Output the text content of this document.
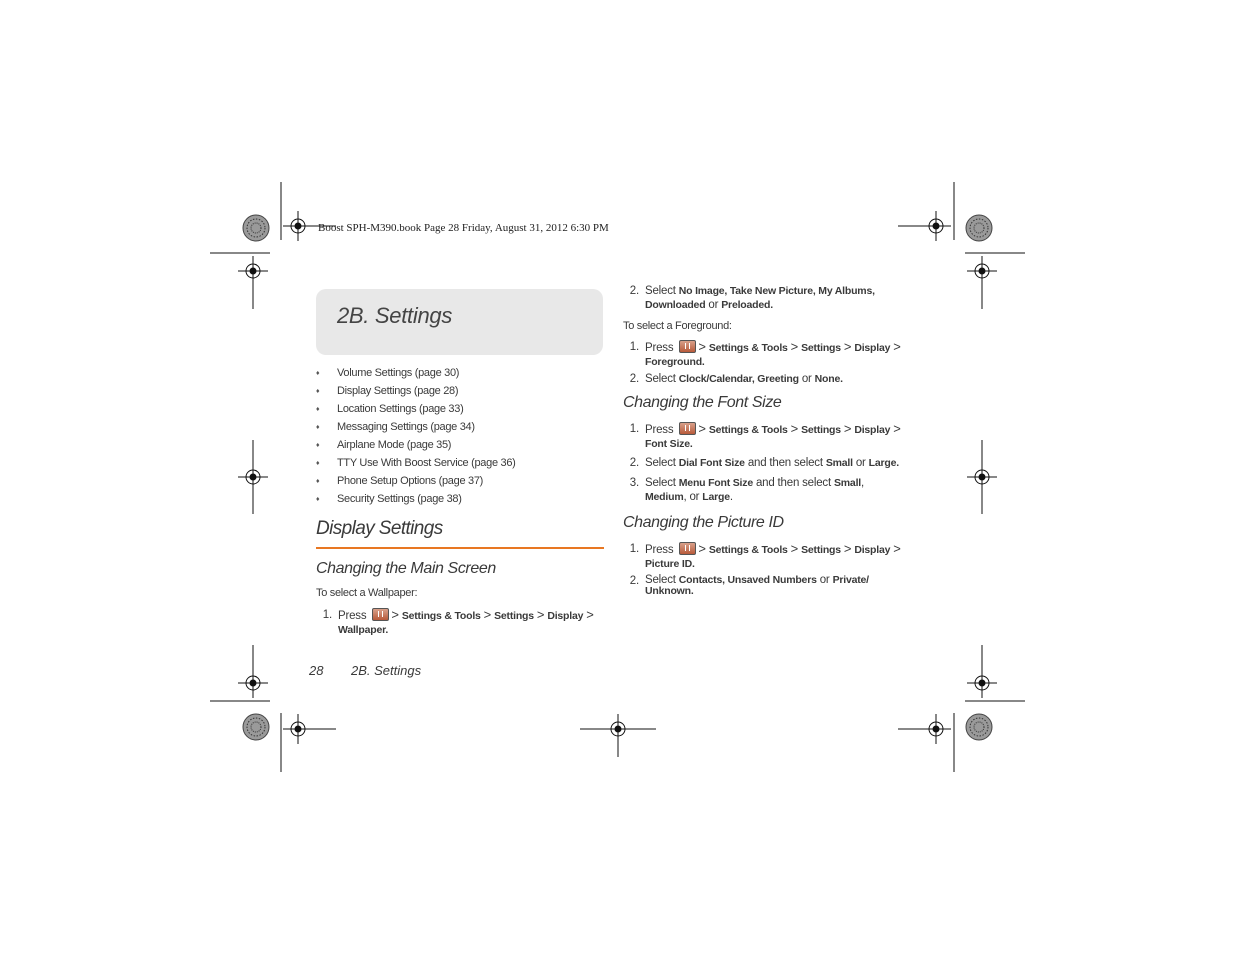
Boost SPH-M390.book Page 28 Friday, August 31, 2012 6:30 PM
2B. Settings
♦ Volume Settings (page 30)
♦ Display Settings (page 28)
♦ Location Settings (page 33)
♦ Messaging Settings (page 34)
♦ Airplane Mode (page 35)
♦ TTY Use With Boost Service (page 36)
♦ Phone Setup Options (page 37)
♦ Security Settings (page 38)
Display Settings
Changing the Main Screen
To select a Wallpaper:
1. Press > Settings & Tools > Settings > Display >
Wallpaper.
2. Select No Image, Take New Picture, My Albums,
Downloaded or Preloaded.
To select a Foreground:
1. Press > Settings & Tools > Settings > Display >
Foreground.
2. Select Clock/Calendar, Greeting or None.
Changing the Font Size
1. Press > Settings & Tools > Settings > Display >
Font Size.
2. Select Dial Font Size and then select Small or Large.
3. Select Menu Font Size and then select Small,
Medium, or Large.
Changing the Picture ID
1. Press > Settings & Tools > Settings > Display >
Picture ID.
2. Select Contacts, Unsaved Numbers or Private/
Unknown.
28 2B. Settings
